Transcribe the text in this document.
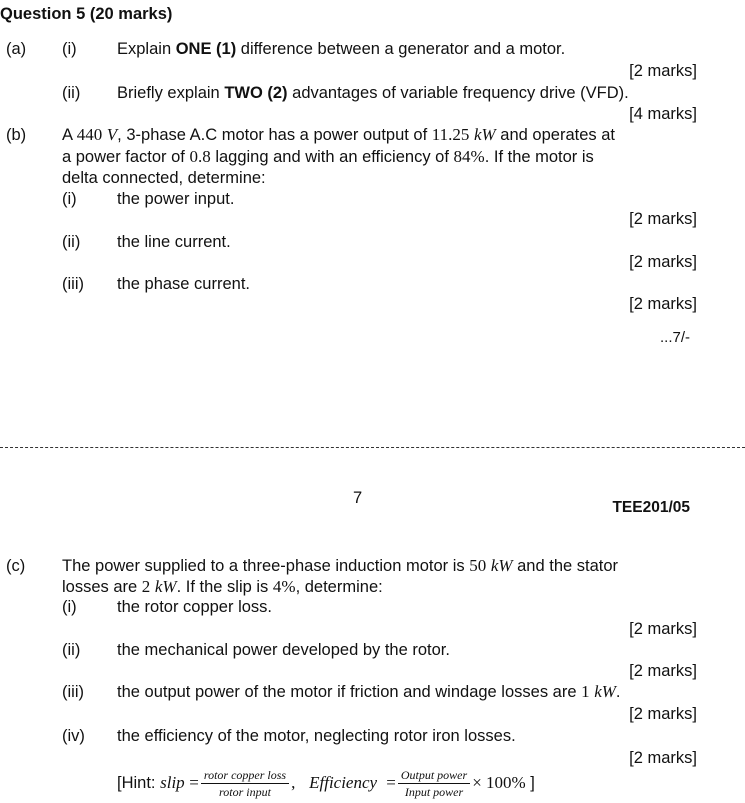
Question 5 (20 marks)
(a) (i) Explain ONE (1) difference between a generator and a motor.
[2 marks]
(ii) Briefly explain TWO (2) advantages of variable frequency drive (VFD).
[4 marks]
(b) A 440 V, 3-phase A.C motor has a power output of 11.25 kW and operates at
a power factor of 0.8 lagging and with an efficiency of 84%. If the motor is
delta connected, determine:
(i) the power input.
[2 marks]
(ii) the line current.
[2 marks]
(iii) the phase current.
[2 marks]
...7/-
7
TEE201/05
(c) The power supplied to a three-phase induction motor is 50 kW and the stator
losses are 2 kW. If the slip is 4%, determine:
(i) the rotor copper loss.
[2 marks]
(ii) the mechanical power developed by the rotor.
[2 marks]
(iii) the output power of the motor if friction and windage losses are 1 kW.
[2 marks]
(iv) the efficiency of the motor, neglecting rotor iron losses.
[2 marks]
[Hint: slip = $\frac{\text{rotor copper loss}}{\text{rotor input}}$ , Efficiency = $\frac{\text{Output power}}{\text{Input power}} \times 100\%$ ]
